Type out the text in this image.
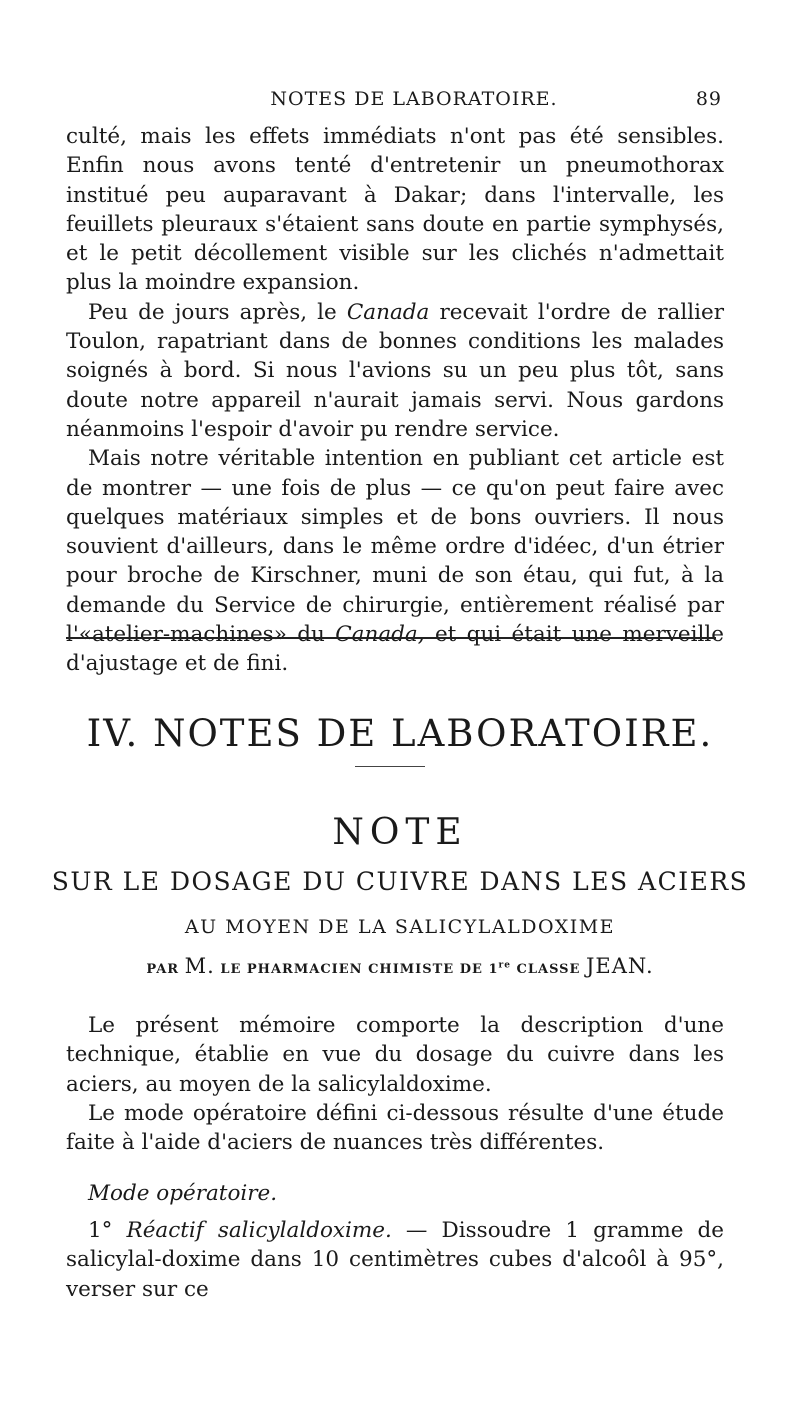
NOTES DE LABORATOIRE.	89

culté, mais les effets immédiats n'ont pas été sensibles. Enfin nous avons tenté d'entretenir un pneumothorax institué peu auparavant à Dakar; dans l'intervalle, les feuillets pleuraux s'étaient sans doute en partie symphysés, et le petit décollement visible sur les clichés n'admettait plus la moindre expansion.

Peu de jours après, le Canada recevait l'ordre de rallier Toulon, rapatriant dans de bonnes conditions les malades soignés à bord. Si nous l'avions su un peu plus tôt, sans doute notre appareil n'aurait jamais servi. Nous gardons néanmoins l'espoir d'avoir pu rendre service.

Mais notre véritable intention en publiant cet article est de montrer — une fois de plus — ce qu'on peut faire avec quelques matériaux simples et de bons ouvriers. Il nous souvient d'ailleurs, dans le même ordre d'idéec, d'un étrier pour broche de Kirschner, muni de son étau, qui fut, à la demande du Service de chirurgie, entièrement réalisé par l'«atelier-machines» du Canada, et qui était une merveille d'ajustage et de fini.

IV. NOTES DE LABORATOIRE.
NOTE
SUR LE DOSAGE DU CUIVRE DANS LES ACIERS
AU MOYEN DE LA SALICYLALDOXIME
PAR M. LE PHARMACIEN CHIMISTE DE 1re CLASSE JEAN.

Le présent mémoire comporte la description d'une technique, établie en vue du dosage du cuivre dans les aciers, au moyen de la salicylaldoxime.

Le mode opératoire défini ci-dessous résulte d'une étude faite à l'aide d'aciers de nuances très différentes.

Mode opératoire.

1° Réactif salicylaldoxime. — Dissoudre 1 gramme de salicylal-doxime dans 10 centimètres cubes d'alcoôl à 95°, verser sur ce
